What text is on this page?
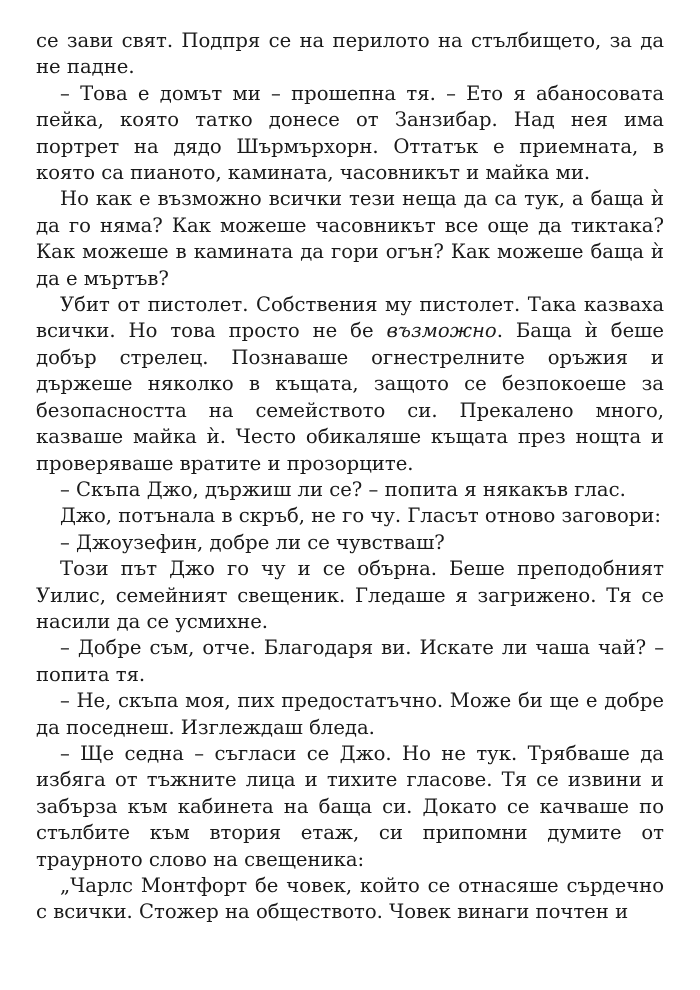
се зави свят. Подпря се на перилото на стълбището, за да не падне.

– Това е домът ми – прошепна тя. – Ето я абаносовата пейка, която татко донесе от Занзибар. Над нея има портрет на дядо Шърмърхорн. Оттатък е приемната, в която са пианото, камината, часовникът и майка ми.

Но как е възможно всички тези неща да са тук, а баща ѝ да го няма? Как можеше часовникът все още да тиктака? Как можеше в камината да гори огън? Как можеше баща ѝ да е мъртъв?

Убит от пистолет. Собствения му пистолет. Така казваха всички. Но това просто не бе възможно. Баща ѝ беше добър стрелец. Познаваше огнестрелните оръжия и държеше няколко в къщата, защото се безпокоеше за безопасността на семейството си. Прекалено много, казваше майка ѝ. Често обикаляше къщата през нощта и проверяваше вратите и прозорците.

– Скъпа Джо, държиш ли се? – попита я някакъв глас.

Джо, потънала в скръб, не го чу. Гласът отново заговори:

– Джоузефин, добре ли се чувстваш?

Този път Джо го чу и се обърна. Беше преподобният Уилис, семейният свещеник. Гледаше я загрижено. Тя се насили да се усмихне.

– Добре съм, отче. Благодаря ви. Искате ли чаша чай? – попита тя.

– Не, скъпа моя, пих предостатъчно. Може би ще е добре да поседнеш. Изглеждаш бледа.

– Ще седна – съгласи се Джо. Но не тук. Трябваше да избяга от тъжните лица и тихите гласове. Тя се извини и забърза към кабинета на баща си. Докато се качваше по стълбите към втория етаж, си припомни думите от траурното слово на свещеника:

„Чарлс Монтфорт бе човек, който се отнасяше сърдечно с всички. Стожер на обществото. Човек винаги почтен и
